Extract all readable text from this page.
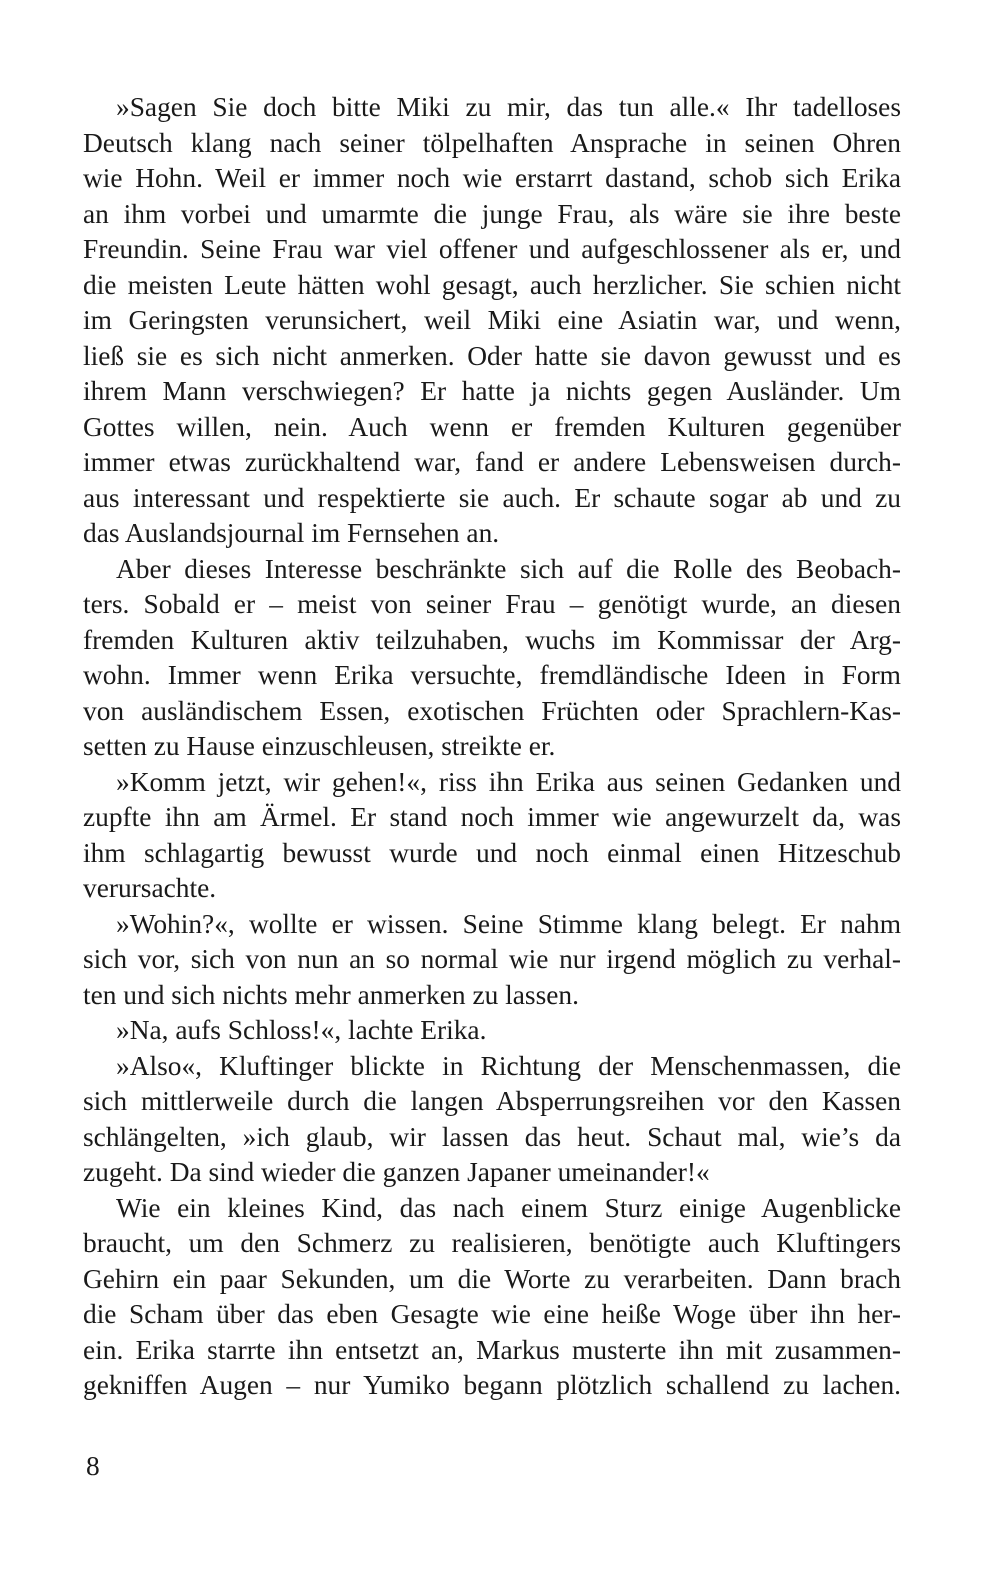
»Sagen Sie doch bitte Miki zu mir, das tun alle.« Ihr tadelloses
Deutsch klang nach seiner tölpelhaften Ansprache in seinen Ohren
wie Hohn. Weil er immer noch wie erstarrt dastand, schob sich Erika
an ihm vorbei und umarmte die junge Frau, als wäre sie ihre beste
Freundin. Seine Frau war viel offener und aufgeschlossener als er, und
die meisten Leute hätten wohl gesagt, auch herzlicher. Sie schien nicht
im Geringsten verunsichert, weil Miki eine Asiatin war, und wenn,
ließ sie es sich nicht anmerken. Oder hatte sie davon gewusst und es
ihrem Mann verschwiegen? Er hatte ja nichts gegen Ausländer. Um
Gottes willen, nein. Auch wenn er fremden Kulturen gegenüber
immer etwas zurückhaltend war, fand er andere Lebensweisen durch-
aus interessant und respektierte sie auch. Er schaute sogar ab und zu
das Auslandsjournal im Fernsehen an.
Aber dieses Interesse beschränkte sich auf die Rolle des Beobach-
ters. Sobald er – meist von seiner Frau – genötigt wurde, an diesen
fremden Kulturen aktiv teilzuhaben, wuchs im Kommissar der Arg-
wohn. Immer wenn Erika versuchte, fremdländische Ideen in Form
von ausländischem Essen, exotischen Früchten oder Sprachlern-Kas-
setten zu Hause einzuschleusen, streikte er.
»Komm jetzt, wir gehen!«, riss ihn Erika aus seinen Gedanken und
zupfte ihn am Ärmel. Er stand noch immer wie angewurzelt da, was
ihm schlagartig bewusst wurde und noch einmal einen Hitzeschub
verursachte.
»Wohin?«, wollte er wissen. Seine Stimme klang belegt. Er nahm
sich vor, sich von nun an so normal wie nur irgend möglich zu verhal-
ten und sich nichts mehr anmerken zu lassen.
»Na, aufs Schloss!«, lachte Erika.
»Also«, Kluftinger blickte in Richtung der Menschenmassen, die
sich mittlerweile durch die langen Absperrungsreihen vor den Kassen
schlängelten, »ich glaub, wir lassen das heut. Schaut mal, wie’s da
zugeht. Da sind wieder die ganzen Japaner umeinander!«
Wie ein kleines Kind, das nach einem Sturz einige Augenblicke
braucht, um den Schmerz zu realisieren, benötigte auch Kluftingers
Gehirn ein paar Sekunden, um die Worte zu verarbeiten. Dann brach
die Scham über das eben Gesagte wie eine heiße Woge über ihn her-
ein. Erika starrte ihn entsetzt an, Markus musterte ihn mit zusammen-
gekniffen Augen – nur Yumiko begann plötzlich schallend zu lachen.
8
